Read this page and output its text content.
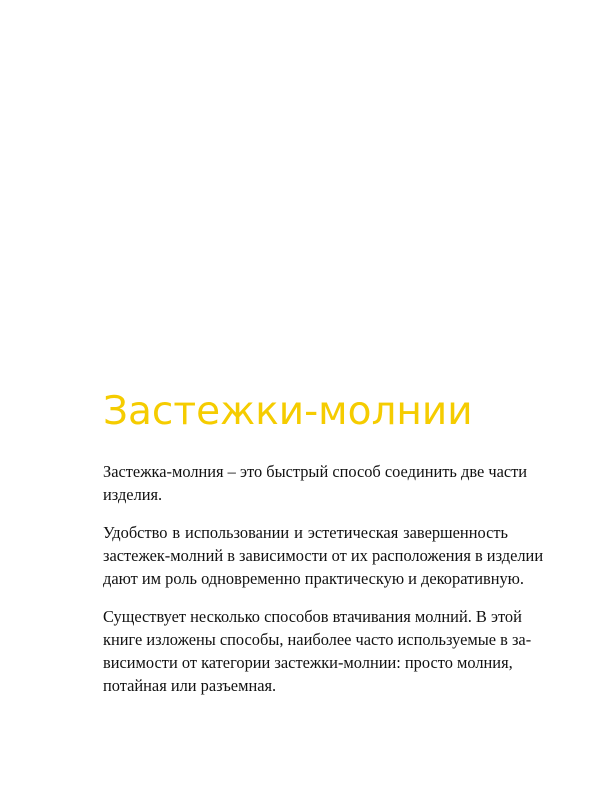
Застежки-молнии

Застежка-молния – это быстрый способ соединить две части
изделия.

Удобство в использовании и эстетическая завершенность
застежек-молний в зависимости от их расположения в изделии
дают им роль одновременно практическую и декоративную.

Существует несколько способов втачивания молний. В этой
книге изложены способы, наиболее часто используемые в за-
висимости от категории застежки-молнии: просто молния,
потайная или разъемная.
